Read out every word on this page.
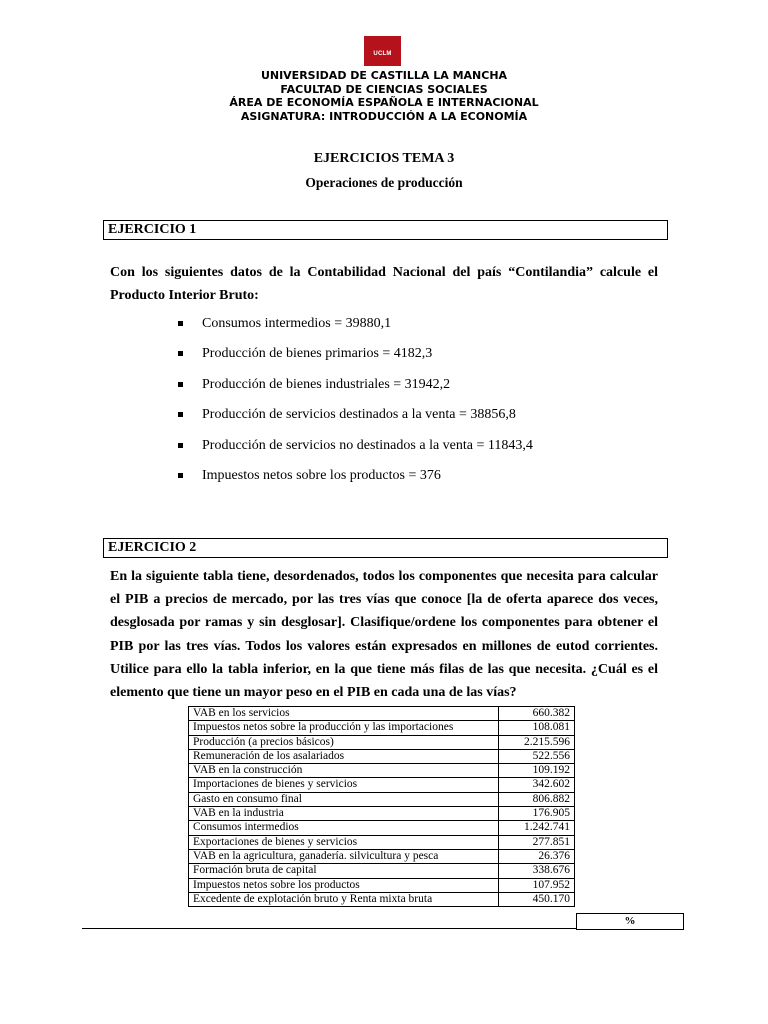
UCLM
UNIVERSIDAD DE CASTILLA LA MANCHA
FACULTAD DE CIENCIAS SOCIALES
ÁREA DE ECONOMÍA ESPAÑOLA E INTERNACIONAL
ASIGNATURA: INTRODUCCIÓN A LA ECONOMÍA
EJERCICIOS TEMA 3
Operaciones de producción
EJERCICIO 1
Con los siguientes datos de la Contabilidad Nacional del país “Contilandia” calcule el Producto Interior Bruto:
Consumos intermedios = 39880,1
Producción de bienes primarios = 4182,3
Producción de bienes industriales = 31942,2
Producción de servicios destinados a la venta = 38856,8
Producción de servicios no destinados a la venta = 11843,4
Impuestos netos sobre los productos = 376
EJERCICIO 2
En la siguiente tabla tiene, desordenados, todos los componentes que necesita para calcular el PIB a precios de mercado, por las tres vías que conoce [la de oferta aparece dos veces, desglosada por ramas y sin desglosar]. Clasifique/ordene los componentes para obtener el PIB por las tres vías. Todos los valores están expresados en millones de eutod corrientes. Utilice para ello la tabla inferior, en la que tiene más filas de las que necesita. ¿Cuál es el elemento que tiene un mayor peso en el PIB en cada una de las vías?
VAB en los servicios	660.382
Impuestos netos sobre la producción y las importaciones	108.081
Producción (a precios básicos)	2.215.596
Remuneración de los asalariados	522.556
VAB en la construcción	109.192
Importaciones de bienes y servicios	342.602
Gasto en consumo final	806.882
VAB en la industria	176.905
Consumos intermedios	1.242.741
Exportaciones de bienes y servicios	277.851
VAB en la agricultura, ganadería. silvicultura y pesca	26.376
Formación bruta de capital	338.676
Impuestos netos sobre los productos	107.952
Excedente de explotación bruto y Renta mixta bruta	450.170
%
